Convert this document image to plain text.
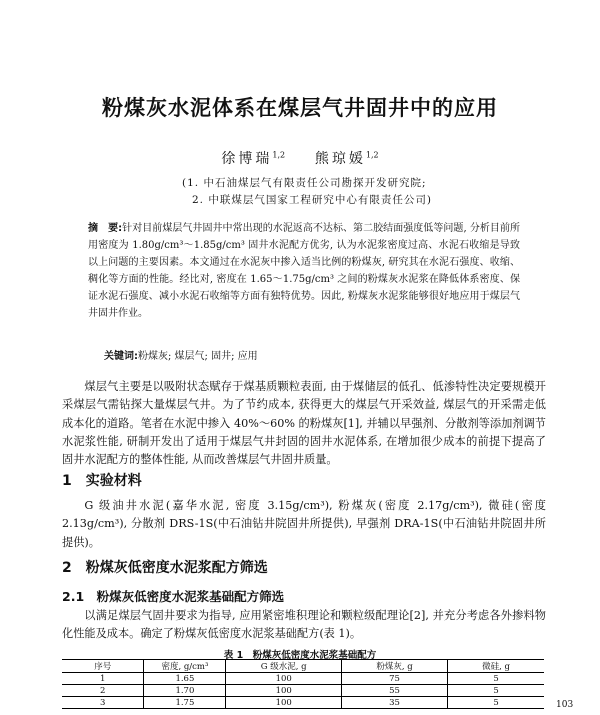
粉煤灰水泥体系在煤层气井固井中的应用
徐博瑞$^{1,2}$ 熊琼媛$^{1,2}$
(1. 中石油煤层气有限责任公司勘探开发研究院;
2. 中联煤层气国家工程研究中心有限责任公司)
摘　要:针对目前煤层气井固井中常出现的水泥返高不达标、第二胶结面强度低等问题, 分析目前所用密度为 1.80g/cm³～1.85g/cm³ 固井水泥配方优劣, 认为水泥浆密度过高、水泥石收缩是导致以上问题的主要因素。本文通过在水泥灰中掺入适当比例的粉煤灰, 研究其在水泥石强度、收缩、稠化等方面的性能。经比对, 密度在 1.65～1.75g/cm³ 之间的粉煤灰水泥浆在降低体系密度、保证水泥石强度、减小水泥石收缩等方面有独特优势。因此, 粉煤灰水泥浆能够很好地应用于煤层气井固井作业。
关键词:粉煤灰; 煤层气; 固井; 应用
煤层气主要是以吸附状态赋存于煤基质颗粒表面, 由于煤储层的低孔、低渗特性决定要规模开采煤层气需钻探大量煤层气井。为了节约成本, 获得更大的煤层气开采效益, 煤层气的开采需走低成本化的道路。笔者在水泥中掺入 40%～60% 的粉煤灰[1], 并辅以早强剂、分散剂等添加剂调节水泥浆性能, 研制开发出了适用于煤层气井封固的固井水泥体系, 在增加很少成本的前提下提高了固井水泥配方的整体性能, 从而改善煤层气井固井质量。
1　实验材料
G 级油井水泥(嘉华水泥, 密度 3.15g/cm³), 粉煤灰(密度 2.17g/cm³), 微硅(密度 2.13g/cm³), 分散剂 DRS-1S(中石油钻井院固井所提供), 早强剂 DRA-1S(中石油钻井院固井所提供)。
2　粉煤灰低密度水泥浆配方筛选
2.1　粉煤灰低密度水泥浆基础配方筛选
以满足煤层气固井要求为指导, 应用紧密堆积理论和颗粒级配理论[2], 并充分考虑各外掺料物化性能及成本。确定了粉煤灰低密度水泥浆基础配方(表 1)。
表 1　粉煤灰低密度水泥浆基础配方
序号	密度, g/cm³	G 级水泥, g	粉煤灰, g	微硅, g
1	1.65	100	75	5
2	1.70	100	55	5
3	1.75	100	35	5	103
